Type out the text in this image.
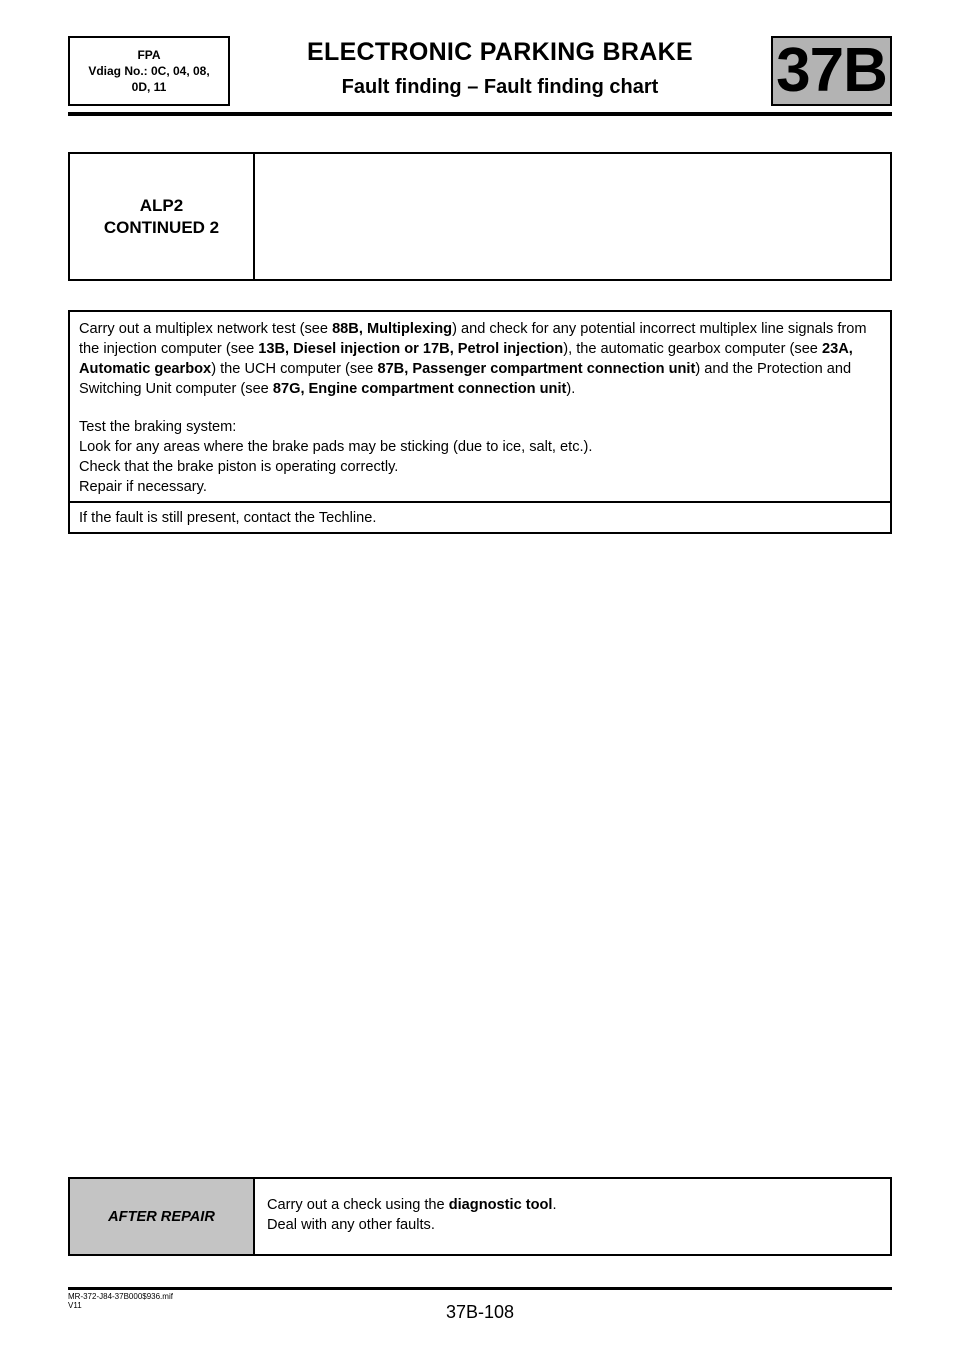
FPA
Vdiag No.: 0C, 04, 08,
0D, 11
ELECTRONIC PARKING BRAKE
Fault finding – Fault finding chart	37B
ALP2
CONTINUED 2
Carry out a multiplex network test (see 88B, Multiplexing) and check for any potential incorrect multiplex line signals from the injection computer (see 13B, Diesel injection or 17B, Petrol injection), the automatic gearbox computer (see 23A, Automatic gearbox) the UCH computer (see 87B, Passenger compartment connection unit) and the Protection and Switching Unit computer (see 87G, Engine compartment connection unit).
Test the braking system:
Look for any areas where the brake pads may be sticking (due to ice, salt, etc.).
Check that the brake piston is operating correctly.
Repair if necessary.
If the fault is still present, contact the Techline.
AFTER REPAIR
Carry out a check using the diagnostic tool.
Deal with any other faults.
MR-372-J84-37B000$936.mif
V11	37B-108
